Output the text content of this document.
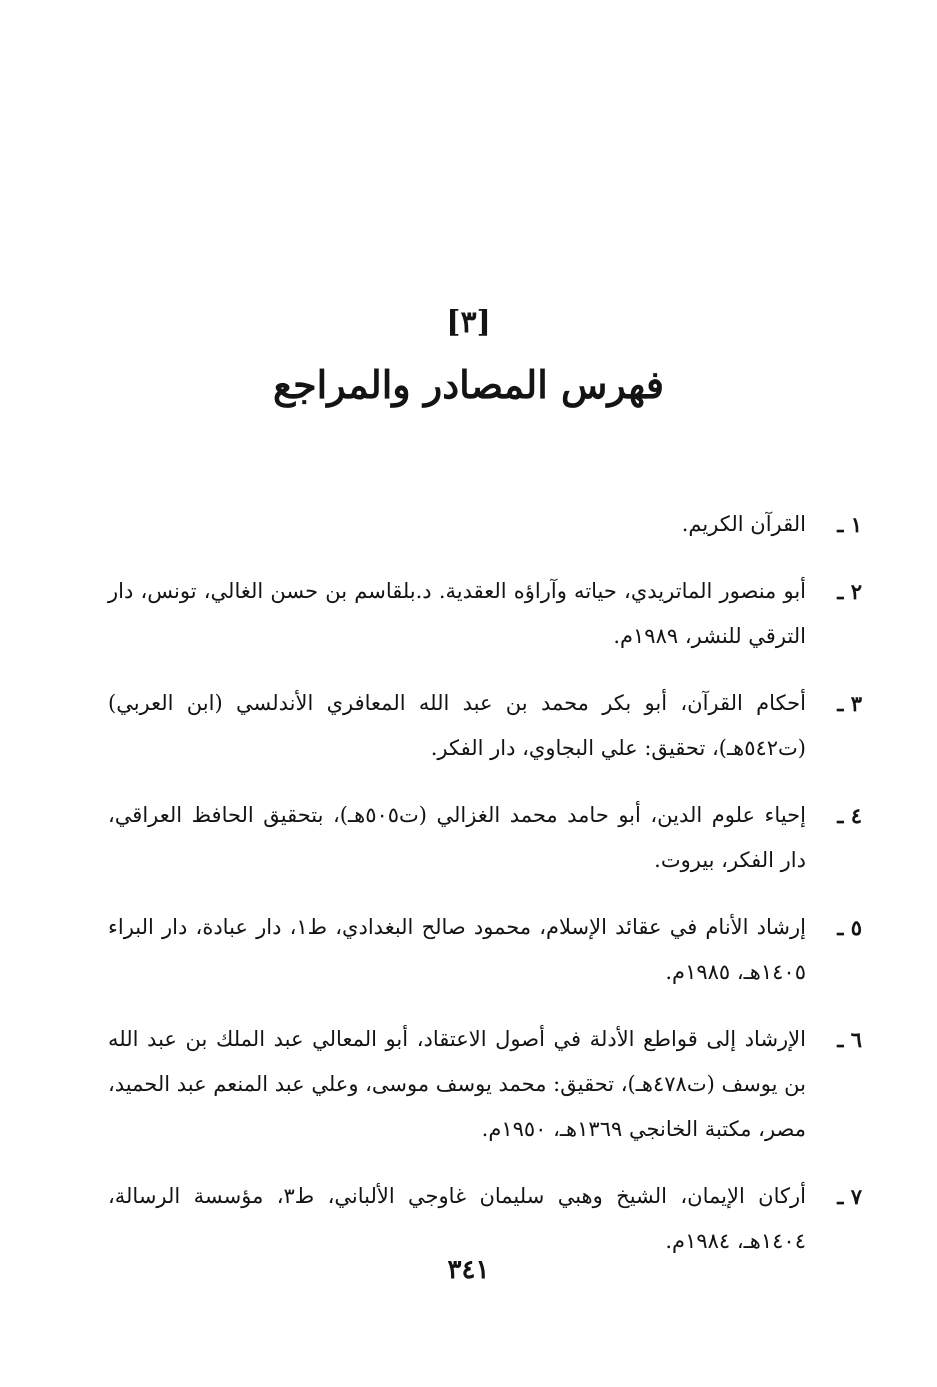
[٣]
فهرس المصادر والمراجع
١ ـ
القرآن الكريم.
٢ ـ
أبو منصور الماتريدي، حياته وآراؤه العقدية. د.بلقاسم بن حسن الغالي، تونس، دار الترقي للنشر، ١٩٨٩م.
٣ ـ
أحكام القرآن، أبو بكر محمد بن عبد الله المعافري الأندلسي (ابن العربي) (ت٥٤٢هـ)، تحقيق: علي البجاوي، دار الفكر.
٤ ـ
إحياء علوم الدين، أبو حامد محمد الغزالي (ت٥٠٥هـ)، بتحقيق الحافظ العراقي، دار الفكر، بيروت.
٥ ـ
إرشاد الأنام في عقائد الإسلام، محمود صالح البغدادي، ط١، دار عبادة، دار البراء ١٤٠٥هـ، ١٩٨٥م.
٦ ـ
الإرشاد إلى قواطع الأدلة في أصول الاعتقاد، أبو المعالي عبد الملك بن عبد الله بن يوسف (ت٤٧٨هـ)، تحقيق: محمد يوسف موسى، وعلي عبد المنعم عبد الحميد، مصر، مكتبة الخانجي ١٣٦٩هـ، ١٩٥٠م.
٧ ـ
أركان الإيمان، الشيخ وهبي سليمان غاوجي الألباني، ط٣، مؤسسة الرسالة، ١٤٠٤هـ، ١٩٨٤م.
٣٤١
